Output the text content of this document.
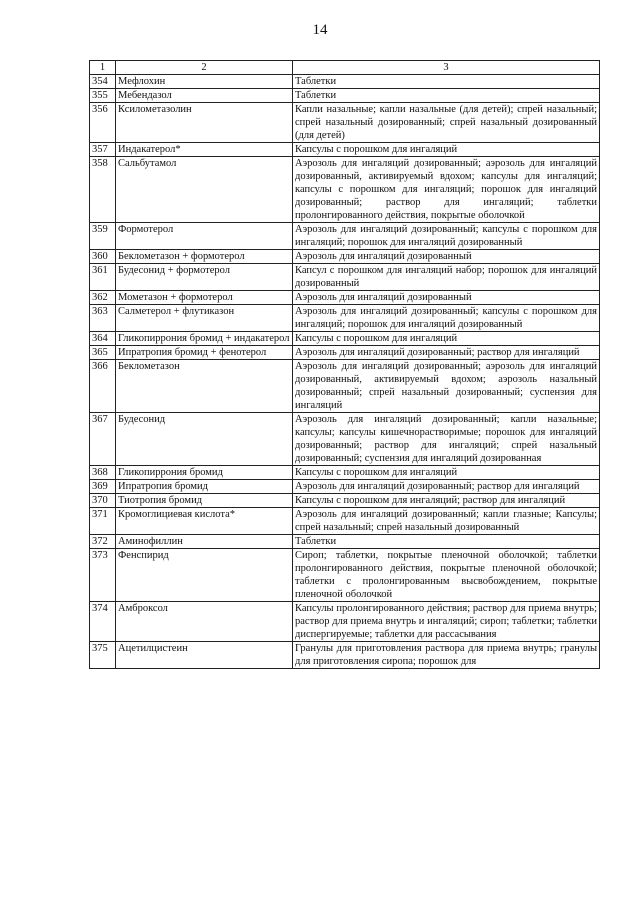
14
1	2	3
354	Мефлохин	Таблетки
355	Мебендазол	Таблетки
356	Ксилометазолин	Капли назальные; капли назальные (для детей); спрей назальный; спрей назальный дозированный; спрей назальный дозированный (для детей)
357	Индакатерол*	Капсулы с порошком для ингаляций
358	Сальбутамол	Аэрозоль для ингаляций дозированный; аэрозоль для ингаляций дозированный, активируемый вдохом; капсулы для ингаляций; капсулы с порошком для ингаляций; порошок для ингаляций дозированный; раствор для ингаляций; таблетки пролонгированного действия, покрытые оболочкой
359	Формотерол	Аэрозоль для ингаляций дозированный; капсулы с порошком для ингаляций; порошок для ингаляций дозированный
360	Беклометазон + формотерол	Аэрозоль для ингаляций дозированный
361	Будесонид + формотерол	Капсул с порошком для ингаляций набор; порошок для ингаляций дозированный
362	Мометазон + формотерол	Аэрозоль для ингаляций дозированный
363	Салметерол + флутиказон	Аэрозоль для ингаляций дозированный; капсулы с порошком для ингаляций; порошок для ингаляций дозированный
364	Гликопиррония бромид + индакатерол	Капсулы с порошком для ингаляций
365	Ипратропия бромид + фенотерол	Аэрозоль для ингаляций дозированный; раствор для ингаляций
366	Беклометазон	Аэрозоль для ингаляций дозированный; аэрозоль для ингаляций дозированный, активируемый вдохом; аэрозоль назальный дозированный; спрей назальный дозированный; суспензия для ингаляций
367	Будесонид	Аэрозоль для ингаляций дозированный; капли назальные; капсулы; капсулы кишечнорастворимые; порошок для ингаляций дозированный; раствор для ингаляций; спрей назальный дозированный; суспензия для ингаляций дозированная
368	Гликопиррония бромид	Капсулы с порошком для ингаляций
369	Ипратропия бромид	Аэрозоль для ингаляций дозированный; раствор для ингаляций
370	Тиотропия бромид	Капсулы с порошком для ингаляций; раствор для ингаляций
371	Кромоглициевая кислота*	Аэрозоль для ингаляций дозированный; капли глазные; Капсулы; спрей назальный; спрей назальный дозированный
372	Аминофиллин	Таблетки
373	Фенспирид	Сироп; таблетки, покрытые пленочной оболочкой; таблетки пролонгированного действия, покрытые пленочной оболочкой; таблетки с пролонгированным высвобождением, покрытые пленочной оболочкой
374	Амброксол	Капсулы пролонгированного действия; раствор для приема внутрь; раствор для приема внутрь и ингаляций; сироп; таблетки; таблетки диспергируемые; таблетки для рассасывания
375	Ацетилцистеин	Гранулы для приготовления раствора для приема внутрь; гранулы для приготовления сиропа; порошок для
